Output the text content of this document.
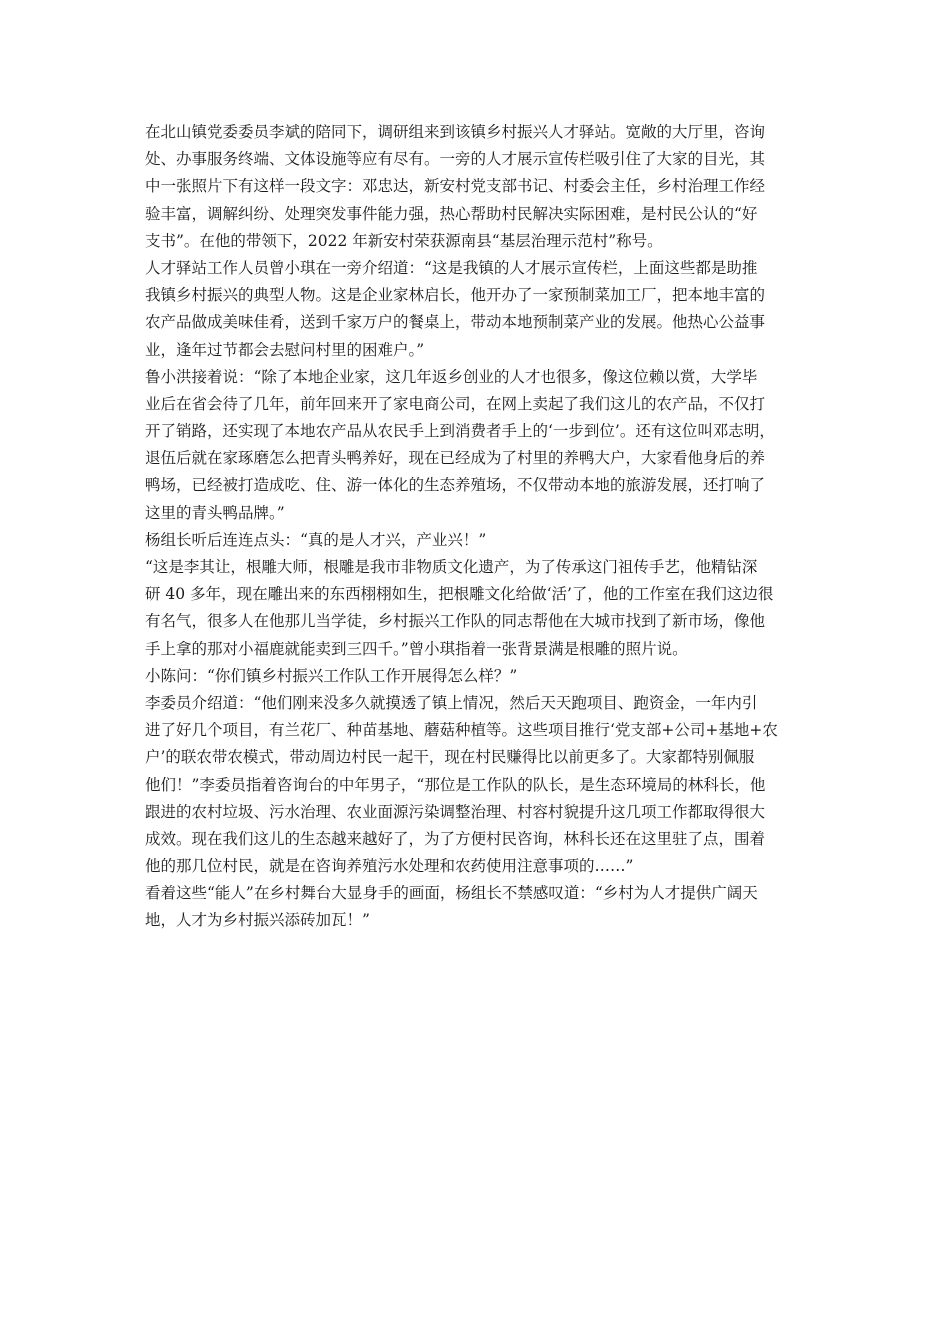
在北山镇党委委员李斌的陪同下，调研组来到该镇乡村振兴人才驿站。宽敞的大厅里，咨询
处、办事服务终端、文体设施等应有尽有。一旁的人才展示宣传栏吸引住了大家的目光，其
中一张照片下有这样一段文字：邓忠达，新安村党支部书记、村委会主任，乡村治理工作经
验丰富，调解纠纷、处理突发事件能力强，热心帮助村民解决实际困难，是村民公认的“好
支书”。在他的带领下，2022 年新安村荣获源南县“基层治理示范村”称号。
人才驿站工作人员曾小琪在一旁介绍道：“这是我镇的人才展示宣传栏，上面这些都是助推
我镇乡村振兴的典型人物。这是企业家林启长，他开办了一家预制菜加工厂，把本地丰富的
农产品做成美味佳肴，送到千家万户的餐桌上，带动本地预制菜产业的发展。他热心公益事
业，逢年过节都会去慰问村里的困难户。”
鲁小洪接着说：“除了本地企业家，这几年返乡创业的人才也很多，像这位赖以赏，大学毕
业后在省会待了几年，前年回来开了家电商公司，在网上卖起了我们这儿的农产品，不仅打
开了销路，还实现了本地农产品从农民手上到消费者手上的‘一步到位’。还有这位叫邓志明，
退伍后就在家琢磨怎么把青头鸭养好，现在已经成为了村里的养鸭大户，大家看他身后的养
鸭场，已经被打造成吃、住、游一体化的生态养殖场，不仅带动本地的旅游发展，还打响了
这里的青头鸭品牌。”
杨组长听后连连点头：“真的是人才兴，产业兴！”
“这是李其让，根雕大师，根雕是我市非物质文化遗产，为了传承这门祖传手艺，他精钻深
研 40 多年，现在雕出来的东西栩栩如生，把根雕文化给做‘活’了，他的工作室在我们这边很
有名气，很多人在他那儿当学徒，乡村振兴工作队的同志帮他在大城市找到了新市场，像他
手上拿的那对小福鹿就能卖到三四千。”曾小琪指着一张背景满是根雕的照片说。
小陈问：“你们镇乡村振兴工作队工作开展得怎么样？”
李委员介绍道：“他们刚来没多久就摸透了镇上情况，然后天天跑项目、跑资金，一年内引
进了好几个项目，有兰花厂、种苗基地、蘑菇种植等。这些项目推行‘党支部+公司+基地+农
户’的联农带农模式，带动周边村民一起干，现在村民赚得比以前更多了。大家都特别佩服
他们！”李委员指着咨询台的中年男子，“那位是工作队的队长，是生态环境局的林科长，他
跟进的农村垃圾、污水治理、农业面源污染调整治理、村容村貌提升这几项工作都取得很大
成效。现在我们这儿的生态越来越好了，为了方便村民咨询，林科长还在这里驻了点，围着
他的那几位村民，就是在咨询养殖污水处理和农药使用注意事项的……”
看着这些“能人”在乡村舞台大显身手的画面，杨组长不禁感叹道：“乡村为人才提供广阔天
地，人才为乡村振兴添砖加瓦！”
